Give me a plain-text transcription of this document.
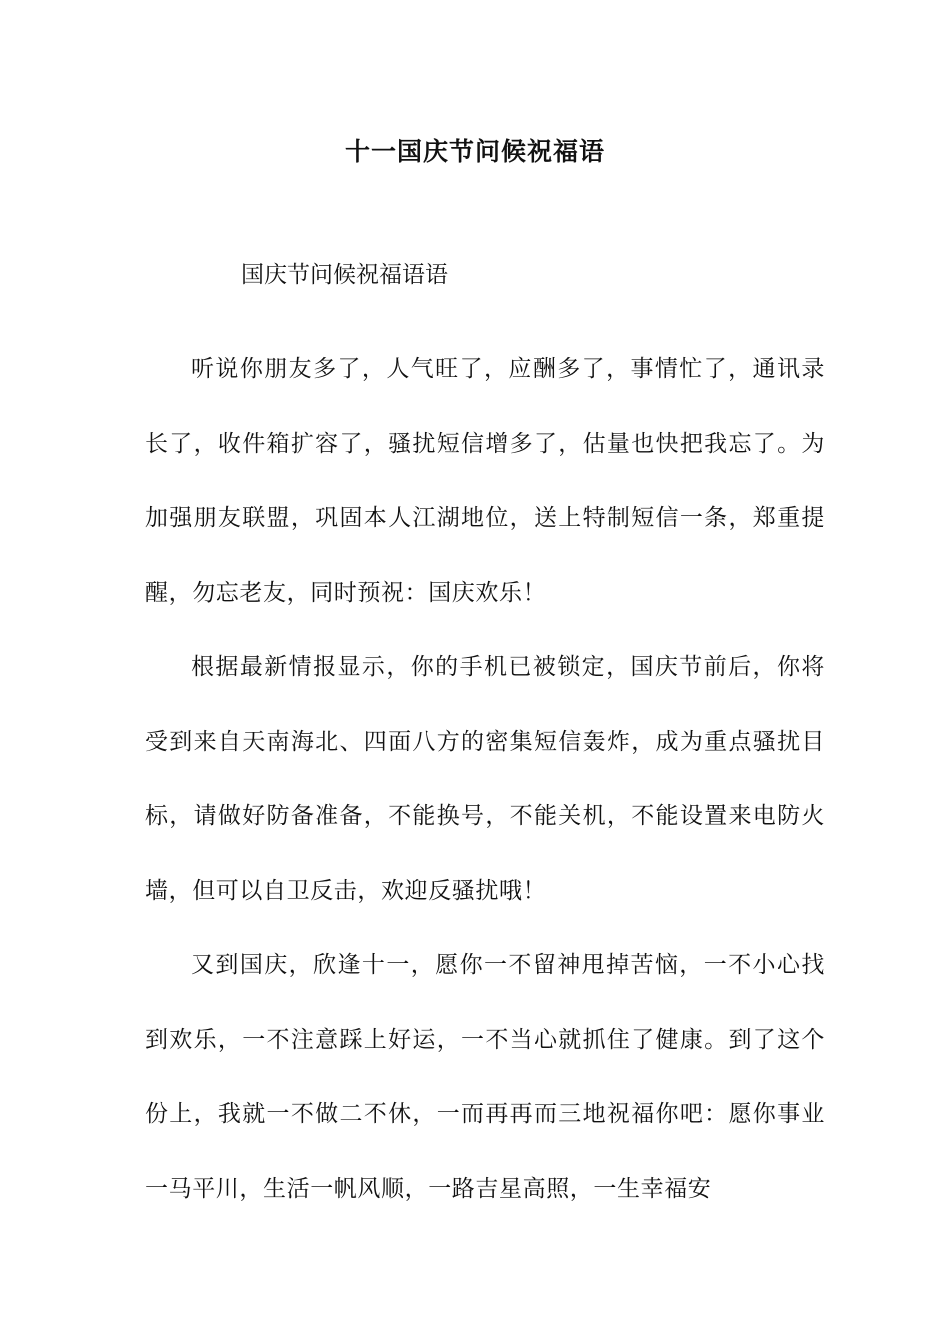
十一国庆节问候祝福语
国庆节问候祝福语语

听说你朋友多了，人气旺了，应酬多了，事情忙了，通讯录长了，收件箱扩容了，骚扰短信增多了，估量也快把我忘了。为加强朋友联盟，巩固本人江湖地位，送上特制短信一条，郑重提醒，勿忘老友，同时预祝：国庆欢乐！

根据最新情报显示，你的手机已被锁定，国庆节前后，你将受到来自天南海北、四面八方的密集短信轰炸，成为重点骚扰目标，请做好防备准备，不能换号，不能关机，不能设置来电防火墙，但可以自卫反击，欢迎反骚扰哦！

又到国庆，欣逢十一，愿你一不留神甩掉苦恼，一不小心找到欢乐，一不注意踩上好运，一不当心就抓住了健康。到了这个份上，我就一不做二不休，一而再再而三地祝福你吧：愿你事业一马平川，生活一帆风顺，一路吉星高照，一生幸福安
